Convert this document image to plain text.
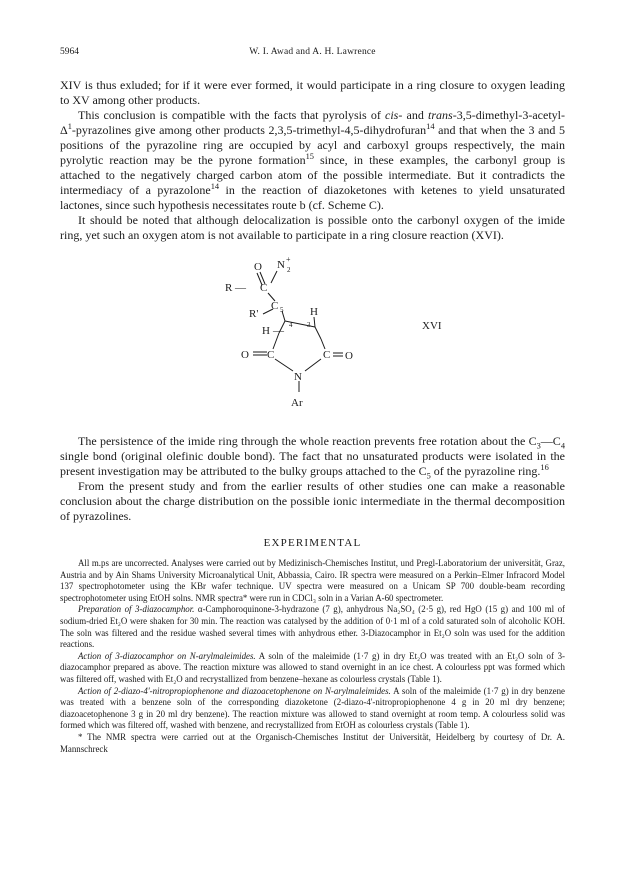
5964	W. I. Awad and A. H. Lawrence

XIV is thus exluded; for if it were ever formed, it would participate in a ring closure to oxygen leading to XV among other products.

This conclusion is compatible with the facts that pyrolysis of cis- and trans-$3,5-dimethyl-3-acetyl-\Delta^1$-pyrazolines give among other products 2,3,5-trimethyl-4,5-dihydrofuran$^{14}$ and that when the 3 and 5 positions of the pyrazoline ring are occupied by acyl and carboxyl groups respectively, the main pyrolytic reaction may be the pyrone formation$^{15}$ since, in these examples, the carbonyl group is attached to the negatively charged carbon atom of the possible intermediate. But it contradicts the intermediacy of a pyrazolone$^{14}$ in the reaction of diazoketones with ketenes to yield unsaturated lactones, since such hypothesis necessitates route b (cf. Scheme C).

It should be noted that although delocalization is possible onto the carbonyl oxygen of the imide ring, yet such an oxygen atom is not available to participate in a ring closure reaction (XVI).

O N 2
+
R — C
R'
C 5 H
H — 4 3
O C	C O
N
Ar
XVI

The persistence of the imide ring through the whole reaction prevents free rotation about the $C_3—C_4$ single bond (original olefinic double bond). The fact that no unsaturated products were isolated in the present investigation may be attributed to the bulky groups attached to the $C_5$ of the pyrazoline ring.$^{16}$

From the present study and from the earlier results of other studies one can make a reasonable conclusion about the charge distribution on the possible ionic intermediate in the thermal decomposition of pyrazolines.

EXPERIMENTAL

All m.ps are uncorrected. Analyses were carried out by Medizinisch-Chemisches Institut, und Pregl-Laboratorium der universität, Graz, Austria and by Ain Shams University Microanalytical Unit, Abbassia, Cairo. IR spectra were measured on a Perkin–Elmer Infracord Model 137 spectrophotometer using the KBr wafer technique. UV spectra were measured on a Unicam SP 700 double-beam recording spectrophotometer using EtOH solns. NMR spectra* were run in CDCl₃ soln in a Varian A-60 spectrometer.

Preparation of 3-diazocamphor. α-Camphoroquinone-3-hydrazone (7 g), anhydrous Na₂SO₄ (2·5 g), red HgO (15 g) and 100 ml of sodium-dried Et₂O were shaken for 30 min. The reaction was catalysed by the addition of 0·1 ml of a cold saturated soln of alcoholic KOH. The soln was filtered and the residue washed several times with anhydrous ether. 3-Diazocamphor in Et₂O soln was used for the addition reactions.

Action of 3-diazocamphor on N-arylmaleimides. A soln of the maleimide (1·7 g) in dry Et₂O was treated with an Et₂O soln of 3-diazocamphor prepared as above. The reaction mixture was allowed to stand overnight in an ice chest. A colourless ppt was formed which was filtered off, washed with Et₂O and recrystallized from benzene–hexane as colourless crystals (Table 1).

Action of 2-diazo-4'-nitropropiophenone and diazoacetophenone on N-arylmaleimides. A soln of the maleimide (1·7 g) in dry benzene was treated with a benzene soln of the corresponding diazoketone (2-diazo-4'-nitropropiophenone 4 g in 20 ml dry benzene; diazoacetophenone 3 g in 20 ml dry benzene). The reaction mixture was allowed to stand overnight at room temp. A colourless solid was formed which was filtered off, washed with benzene, and recrystallized from EtOH as colourless crystals (Table 1).

* The NMR spectra were carried out at the Organisch-Chemisches Institut der Universität, Heidelberg by courtesy of Dr. A. Mannschreck
